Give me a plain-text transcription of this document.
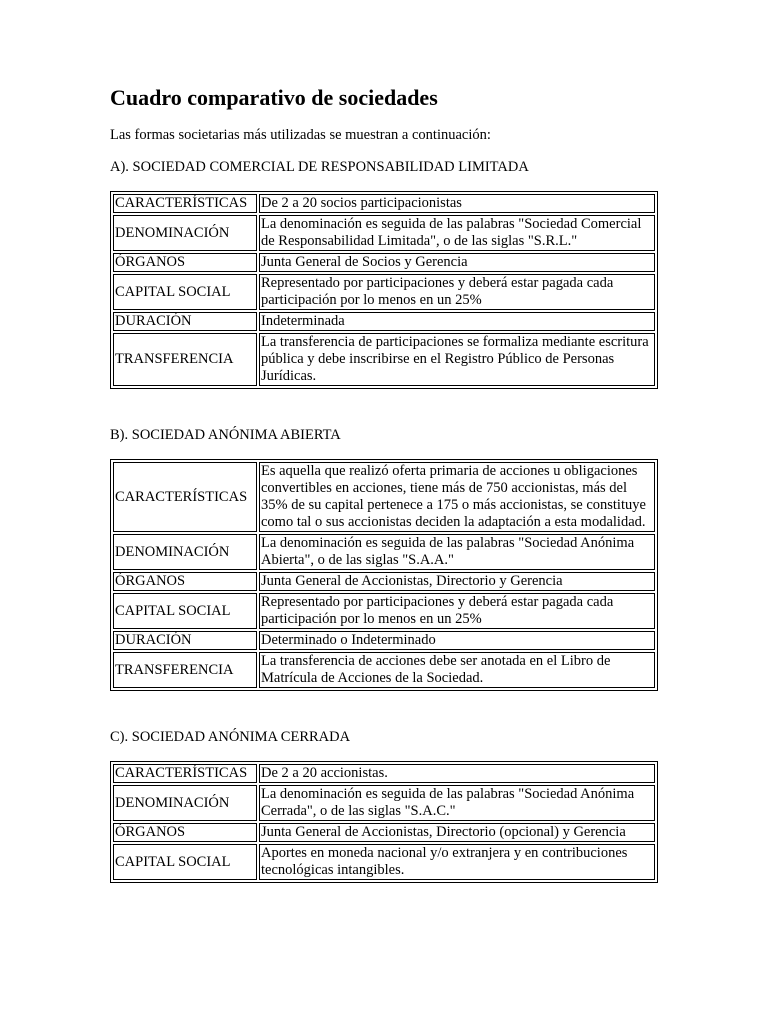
Cuadro comparativo de sociedades

Las formas societarias más utilizadas se muestran a continuación:

A). SOCIEDAD COMERCIAL DE RESPONSABILIDAD LIMITADA

CARACTERÍSTICAS	De 2 a 20 socios participacionistas
DENOMINACIÓN	La denominación es seguida de las palabras "Sociedad Comercial de Responsabilidad Limitada", o de las siglas "S.R.L."
ÓRGANOS	Junta General de Socios y Gerencia
CAPITAL SOCIAL	Representado por participaciones y deberá estar pagada cada participación por lo menos en un 25%
DURACIÓN	Indeterminada
TRANSFERENCIA	La transferencia de participaciones se formaliza mediante escritura pública y debe inscribirse en el Registro Público de Personas Jurídicas.

B). SOCIEDAD ANÓNIMA ABIERTA

CARACTERÍSTICAS	Es aquella que realizó oferta primaria de acciones u obligaciones convertibles en acciones, tiene más de 750 accionistas, más del 35% de su capital pertenece a 175 o más accionistas, se constituye como tal o sus accionistas deciden la adaptación a esta modalidad.
DENOMINACIÓN	La denominación es seguida de las palabras "Sociedad Anónima Abierta", o de las siglas "S.A.A."
ÓRGANOS	Junta General de Accionistas, Directorio y Gerencia
CAPITAL SOCIAL	Representado por participaciones y deberá estar pagada cada participación por lo menos en un 25%
DURACIÓN	Determinado o Indeterminado
TRANSFERENCIA	La transferencia de acciones debe ser anotada en el Libro de Matrícula de Acciones de la Sociedad.

C). SOCIEDAD ANÓNIMA CERRADA

CARACTERÍSTICAS	De 2 a 20 accionistas.
DENOMINACIÓN	La denominación es seguida de las palabras "Sociedad Anónima Cerrada", o de las siglas "S.A.C."
ÓRGANOS	Junta General de Accionistas, Directorio (opcional) y Gerencia
CAPITAL SOCIAL	Aportes en moneda nacional y/o extranjera y en contribuciones tecnológicas intangibles.
